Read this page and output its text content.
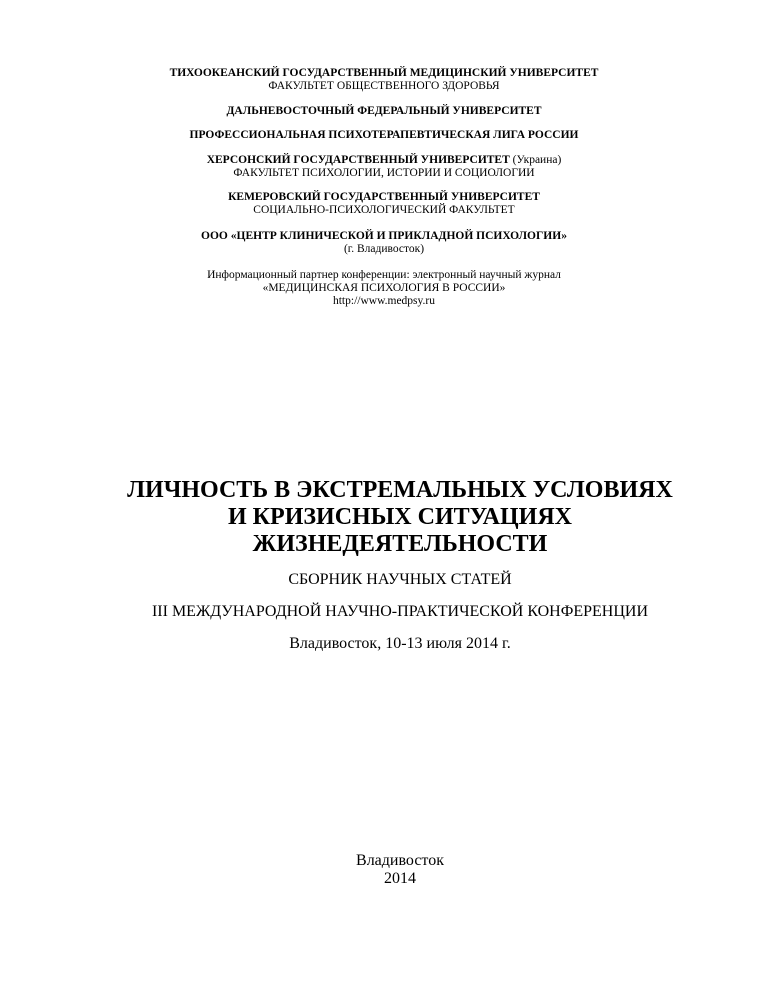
ТИХООКЕАНСКИЙ ГОСУДАРСТВЕННЫЙ МЕДИЦИНСКИЙ УНИВЕРСИТЕТ
ФАКУЛЬТЕТ ОБЩЕСТВЕННОГО ЗДОРОВЬЯ
ДАЛЬНЕВОСТОЧНЫЙ ФЕДЕРАЛЬНЫЙ УНИВЕРСИТЕТ
ПРОФЕССИОНАЛЬНАЯ ПСИХОТЕРАПЕВТИЧЕСКАЯ ЛИГА РОССИИ
ХЕРСОНСКИЙ ГОСУДАРСТВЕННЫЙ УНИВЕРСИТЕТ (Украина)
ФАКУЛЬТЕТ ПСИХОЛОГИИ, ИСТОРИИ И СОЦИОЛОГИИ
КЕМЕРОВСКИЙ ГОСУДАРСТВЕННЫЙ УНИВЕРСИТЕТ
СОЦИАЛЬНО-ПСИХОЛОГИЧЕСКИЙ ФАКУЛЬТЕТ
ООО «ЦЕНТР КЛИНИЧЕСКОЙ И ПРИКЛАДНОЙ ПСИХОЛОГИИ»
(г. Владивосток)
Информационный партнер конференции: электронный научный журнал
«МЕДИЦИНСКАЯ ПСИХОЛОГИЯ В РОССИИ»
http://www.medpsy.ru
ЛИЧНОСТЬ В ЭКСТРЕМАЛЬНЫХ УСЛОВИЯХ
И КРИЗИСНЫХ СИТУАЦИЯХ
ЖИЗНЕДЕЯТЕЛЬНОСТИ
СБОРНИК НАУЧНЫХ СТАТЕЙ
III МЕЖДУНАРОДНОЙ НАУЧНО-ПРАКТИЧЕСКОЙ КОНФЕРЕНЦИИ
Владивосток, 10-13 июля 2014 г.
Владивосток
2014
